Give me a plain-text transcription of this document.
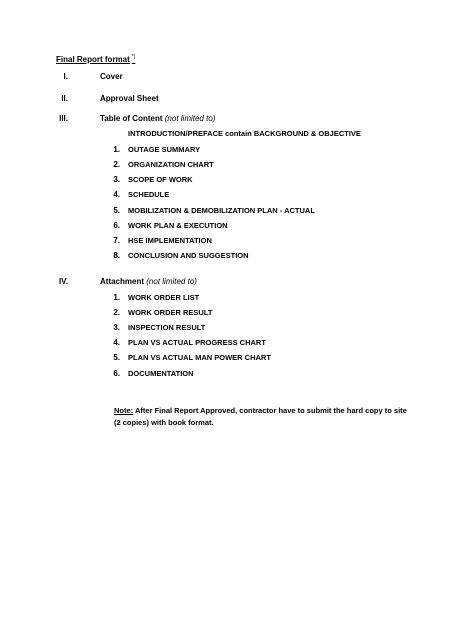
Final Report format *)
I.	Cover
II.	Approval Sheet
III.	Table of Content (not limited to)
INTRODUCTION/PREFACE contain BACKGROUND & OBJECTIVE
1. OUTAGE SUMMARY
2. ORGANIZATION CHART
3. SCOPE OF WORK
4. SCHEDULE
5. MOBILIZATION & DEMOBILIZATION PLAN - ACTUAL
6. WORK PLAN & EXECUTION
7. HSE IMPLEMENTATION
8. CONCLUSION AND SUGGESTION
IV.	Attachment (not limited to)
1. WORK ORDER LIST
2. WORK ORDER RESULT
3. INSPECTION RESULT
4. PLAN VS ACTUAL PROGRESS CHART
5. PLAN VS ACTUAL MAN POWER CHART
6. DOCUMENTATION
Note: After Final Report Approved, contractor have to submit the hard copy to site (2 copies) with book format.
